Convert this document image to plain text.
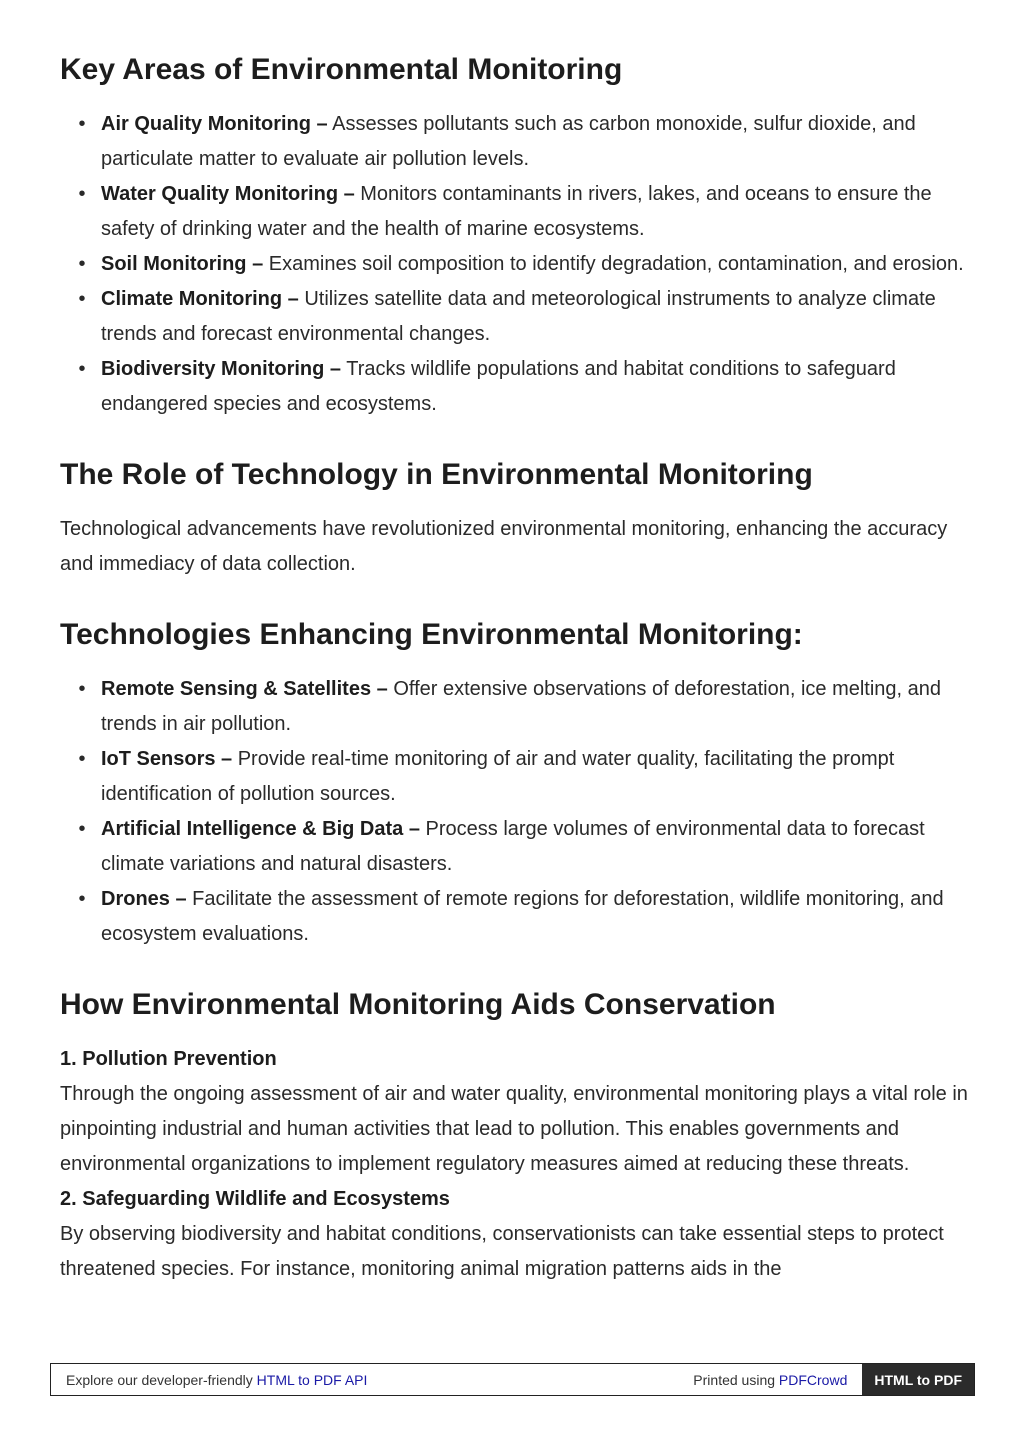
Key Areas of Environmental Monitoring
• Air Quality Monitoring – Assesses pollutants such as carbon monoxide, sulfur dioxide, and particulate matter to evaluate air pollution levels.
• Water Quality Monitoring – Monitors contaminants in rivers, lakes, and oceans to ensure the safety of drinking water and the health of marine ecosystems.
• Soil Monitoring – Examines soil composition to identify degradation, contamination, and erosion.
• Climate Monitoring – Utilizes satellite data and meteorological instruments to analyze climate trends and forecast environmental changes.
• Biodiversity Monitoring – Tracks wildlife populations and habitat conditions to safeguard endangered species and ecosystems.
The Role of Technology in Environmental Monitoring

Technological advancements have revolutionized environmental monitoring, enhancing the accuracy and immediacy of data collection.

Technologies Enhancing Environmental Monitoring:
• Remote Sensing & Satellites – Offer extensive observations of deforestation, ice melting, and trends in air pollution.
• IoT Sensors – Provide real-time monitoring of air and water quality, facilitating the prompt identification of pollution sources.
• Artificial Intelligence & Big Data – Process large volumes of environmental data to forecast climate variations and natural disasters.
• Drones – Facilitate the assessment of remote regions for deforestation, wildlife monitoring, and ecosystem evaluations.
How Environmental Monitoring Aids Conservation
1. Pollution Prevention

Through the ongoing assessment of air and water quality, environmental monitoring plays a vital role in pinpointing industrial and human activities that lead to pollution. This enables governments and environmental organizations to implement regulatory measures aimed at reducing these threats.

2. Safeguarding Wildlife and Ecosystems

By observing biodiversity and habitat conditions, conservationists can take essential steps to protect threatened species. For instance, monitoring animal migration patterns aids in the

Explore our developer-friendly HTML to PDF API	Printed using PDFCrowd	HTML to PDF
